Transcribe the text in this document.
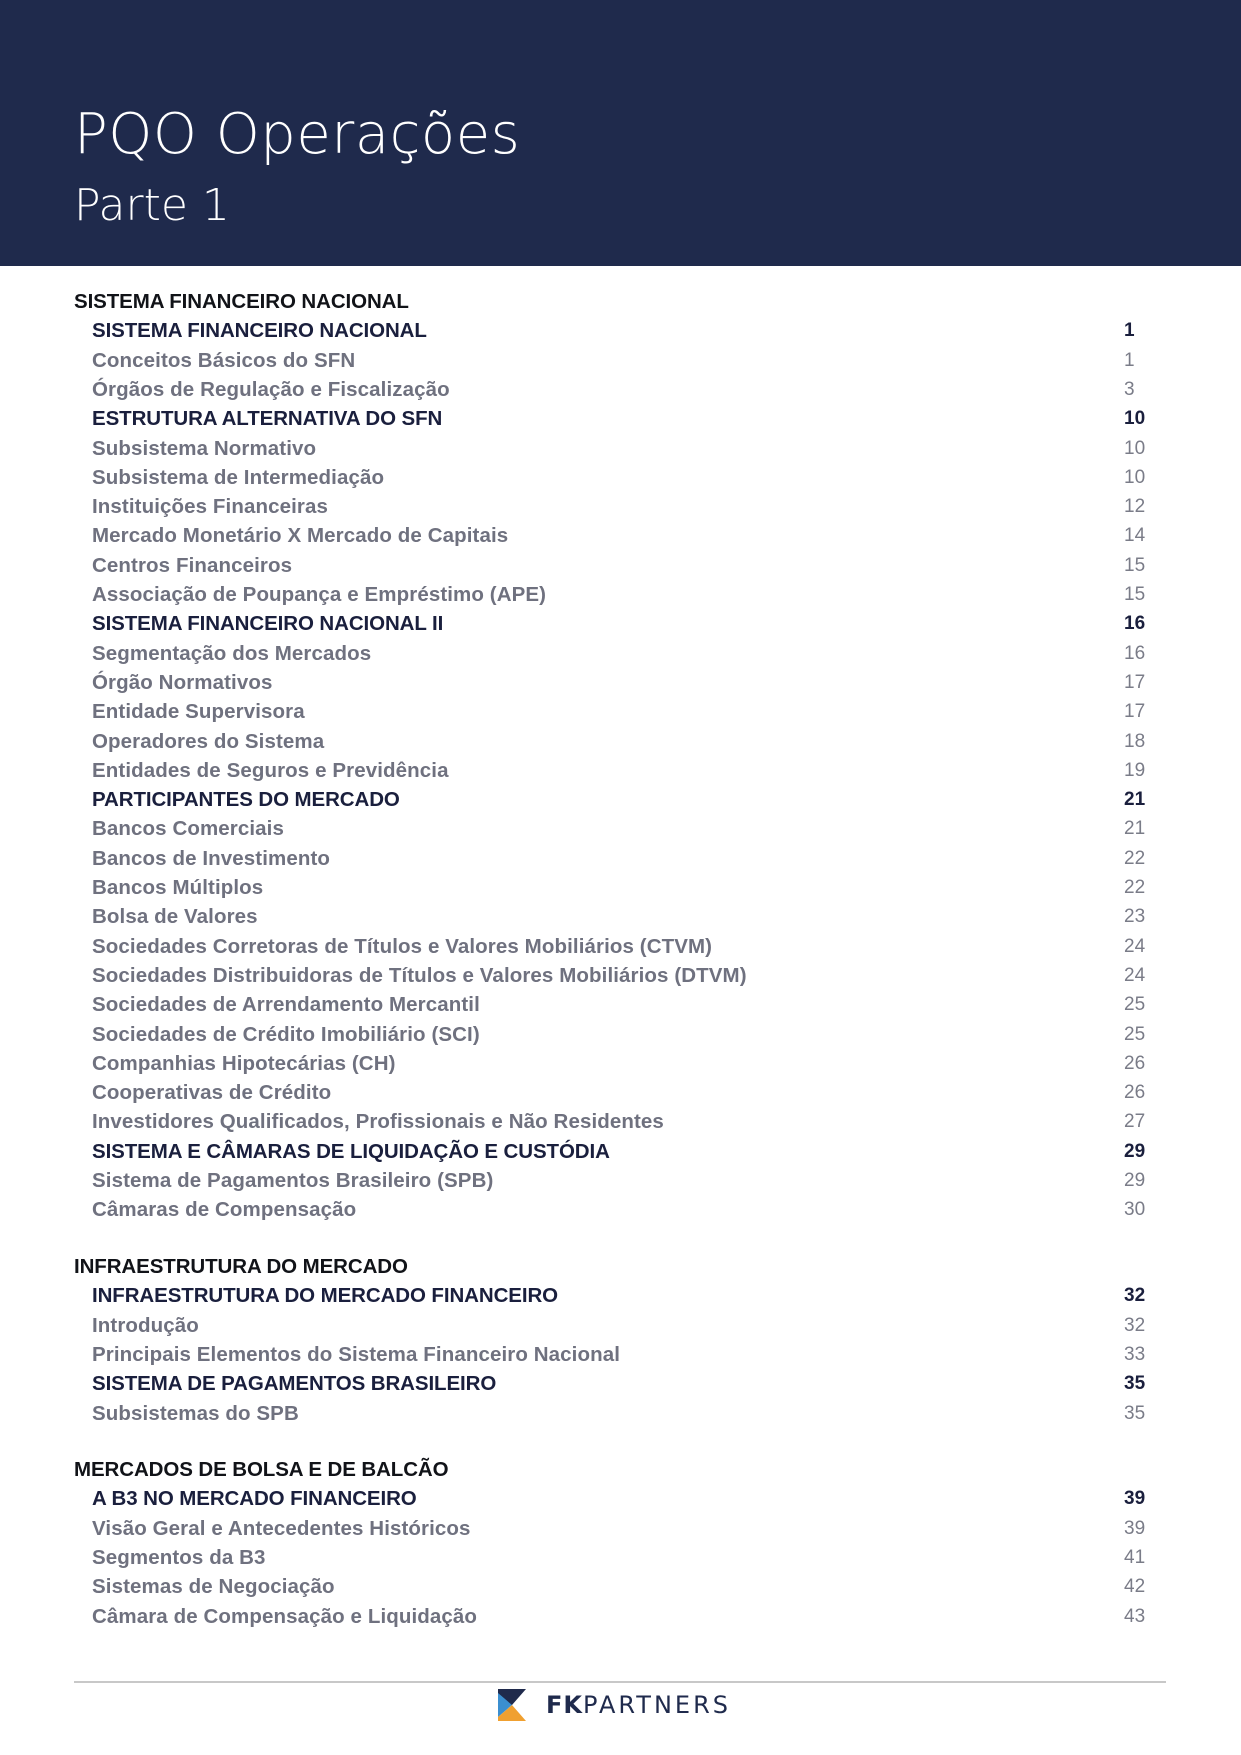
PQO Operações
Parte 1
SISTEMA FINANCEIRO NACIONAL
SISTEMA FINANCEIRO NACIONAL	1
Conceitos Básicos do SFN	1
Órgãos de Regulação e Fiscalização	3
ESTRUTURA ALTERNATIVA DO SFN	10
Subsistema Normativo	10
Subsistema de Intermediação	10
Instituições Financeiras	12
Mercado Monetário X Mercado de Capitais	14
Centros Financeiros	15
Associação de Poupança e Empréstimo (APE)	15
SISTEMA FINANCEIRO NACIONAL II	16
Segmentação dos Mercados	16
Órgão Normativos	17
Entidade Supervisora	17
Operadores do Sistema	18
Entidades de Seguros e Previdência	19
PARTICIPANTES DO MERCADO	21
Bancos Comerciais	21
Bancos de Investimento	22
Bancos Múltiplos	22
Bolsa de Valores	23
Sociedades Corretoras de Títulos e Valores Mobiliários (CTVM)	24
Sociedades Distribuidoras de Títulos e Valores Mobiliários (DTVM)	24
Sociedades de Arrendamento Mercantil	25
Sociedades de Crédito Imobiliário (SCI)	25
Companhias Hipotecárias (CH)	26
Cooperativas de Crédito	26
Investidores Qualificados, Profissionais e Não Residentes	27
SISTEMA E CÂMARAS DE LIQUIDAÇÃO E CUSTÓDIA	29
Sistema de Pagamentos Brasileiro (SPB)	29
Câmaras de Compensação	30
INFRAESTRUTURA DO MERCADO
INFRAESTRUTURA DO MERCADO FINANCEIRO	32
Introdução	32
Principais Elementos do Sistema Financeiro Nacional	33
SISTEMA DE PAGAMENTOS BRASILEIRO	35
Subsistemas do SPB	35
MERCADOS DE BOLSA E DE BALCÃO
A B3 NO MERCADO FINANCEIRO	39
Visão Geral e Antecedentes Históricos	39
Segmentos da B3	41
Sistemas de Negociação	42
Câmara de Compensação e Liquidação	43
FKPARTNERS
